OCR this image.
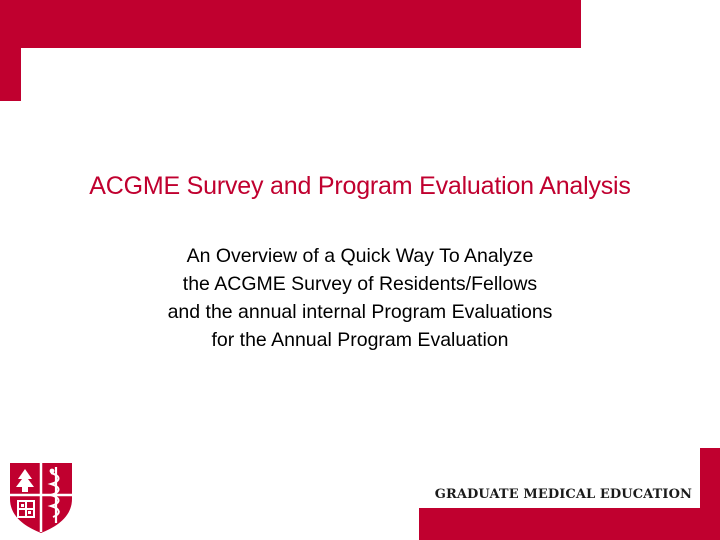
ACGME Survey and Program Evaluation Analysis
An Overview of a Quick Way To Analyze
the ACGME Survey of Residents/Fellows
and the annual internal Program Evaluations
for the Annual Program Evaluation
GRADUATE MEDICAL EDUCATION
